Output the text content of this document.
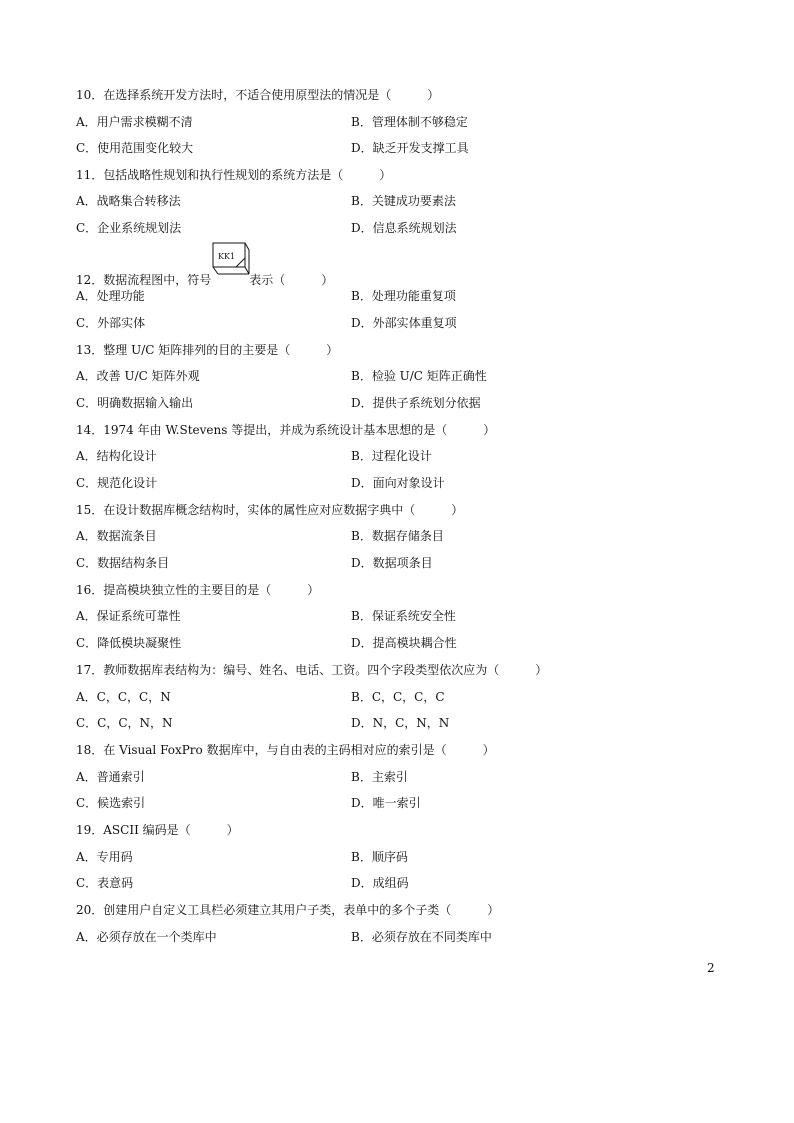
10．在选择系统开发方法时，不适合使用原型法的情况是（　　　）
A．用户需求模糊不清	B．管理体制不够稳定
C．使用范围变化较大	D．缺乏开发支撑工具
11．包括战略性规划和执行性规划的系统方法是（　　　）
A．战略集合转移法	B．关键成功要素法
C．企业系统规划法	D．信息系统规划法
12．数据流程图中，符号
KK1
表示（　　　）
A．处理功能	B．处理功能重复项
C．外部实体	D．外部实体重复项
13．整理 U/C 矩阵排列的目的主要是（　　　）
A．改善 U/C 矩阵外观	B．检验 U/C 矩阵正确性
C．明确数据输入输出	D．提供子系统划分依据
14．1974 年由 W.Stevens 等提出，并成为系统设计基本思想的是（　　　）
A．结构化设计	B．过程化设计
C．规范化设计	D．面向对象设计
15．在设计数据库概念结构时，实体的属性应对应数据字典中（　　　）
A．数据流条目	B．数据存储条目
C．数据结构条目	D．数据项条目
16．提高模块独立性的主要目的是（　　　）
A．保证系统可靠性	B．保证系统安全性
C．降低模块凝聚性	D．提高模块耦合性
17．教师数据库表结构为：编号、姓名、电话、工资。四个字段类型依次应为（　　　）
A．C，C，C，N	B．C，C，C，C
C．C，C，N，N	D．N，C，N，N
18．在 Visual FoxPro 数据库中，与自由表的主码相对应的索引是（　　　）
A．普通索引	B．主索引
C．候选索引	D．唯一索引
19．ASCII 编码是（　　　）
A．专用码	B．顺序码
C．表意码	D．成组码
20．创建用户自定义工具栏必须建立其用户子类，表单中的多个子类（　　　）
A．必须存放在一个类库中	B．必须存放在不同类库中
2
